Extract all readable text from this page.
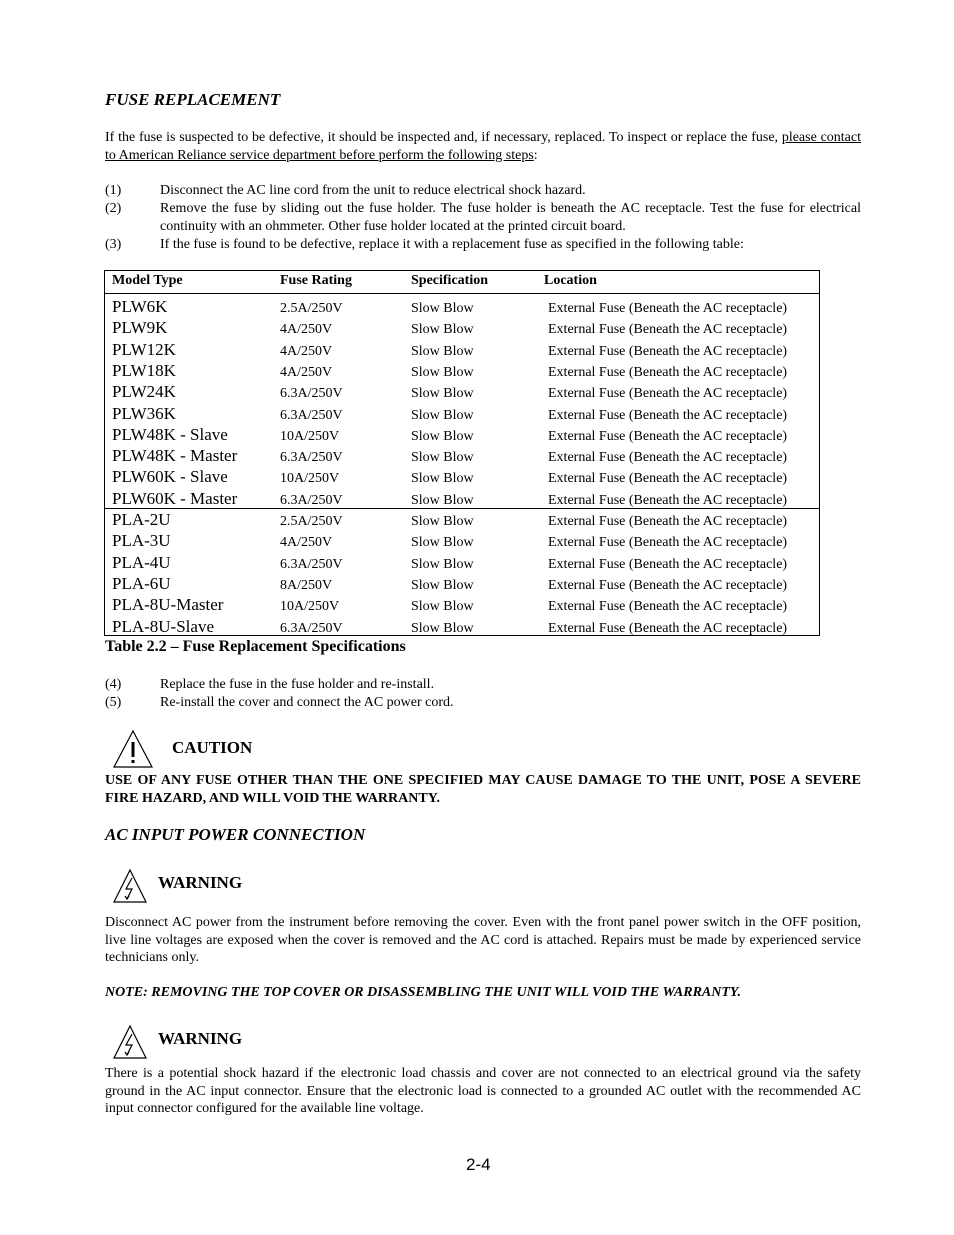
FUSE REPLACEMENT
If the fuse is suspected to be defective, it should be inspected and, if necessary, replaced. To inspect or replace the fuse, please contact to American Reliance service department before perform the following steps:
(1)	Disconnect the AC line cord from the unit to reduce electrical shock hazard.
(2)	Remove the fuse by sliding out the fuse holder. The fuse holder is beneath the AC receptacle. Test the fuse for electrical continuity with an ohmmeter. Other fuse holder located at the printed circuit board.
(3)	If the fuse is found to be defective, replace it with a replacement fuse as specified in the following table:
Model Type	Fuse Rating	Specification	Location
PLW6K	2.5A/250V	Slow Blow	External Fuse (Beneath the AC receptacle)
PLW9K	4A/250V	Slow Blow	External Fuse (Beneath the AC receptacle)
PLW12K	4A/250V	Slow Blow	External Fuse (Beneath the AC receptacle)
PLW18K	4A/250V	Slow Blow	External Fuse (Beneath the AC receptacle)
PLW24K	6.3A/250V	Slow Blow	External Fuse (Beneath the AC receptacle)
PLW36K	6.3A/250V	Slow Blow	External Fuse (Beneath the AC receptacle)
PLW48K - Slave	10A/250V	Slow Blow	External Fuse (Beneath the AC receptacle)
PLW48K - Master	6.3A/250V	Slow Blow	External Fuse (Beneath the AC receptacle)
PLW60K - Slave	10A/250V	Slow Blow	External Fuse (Beneath the AC receptacle)
PLW60K - Master	6.3A/250V	Slow Blow	External Fuse (Beneath the AC receptacle)
PLA-2U	2.5A/250V	Slow Blow	External Fuse (Beneath the AC receptacle)
PLA-3U	4A/250V	Slow Blow	External Fuse (Beneath the AC receptacle)
PLA-4U	6.3A/250V	Slow Blow	External Fuse (Beneath the AC receptacle)
PLA-6U	8A/250V	Slow Blow	External Fuse (Beneath the AC receptacle)
PLA-8U-Master	10A/250V	Slow Blow	External Fuse (Beneath the AC receptacle)
PLA-8U-Slave	6.3A/250V	Slow Blow	External Fuse (Beneath the AC receptacle)
Table 2.2 – Fuse Replacement Specifications
(4)	Replace the fuse in the fuse holder and re-install.
(5)	Re-install the cover and connect the AC power cord.
CAUTION
USE OF ANY FUSE OTHER THAN THE ONE SPECIFIED MAY CAUSE DAMAGE TO THE UNIT, POSE A SEVERE FIRE HAZARD, AND WILL VOID THE WARRANTY.
AC INPUT POWER CONNECTION
WARNING
Disconnect AC power from the instrument before removing the cover. Even with the front panel power switch in the OFF position, live line voltages are exposed when the cover is removed and the AC cord is attached. Repairs must be made by experienced service technicians only.
NOTE: REMOVING THE TOP COVER OR DISASSEMBLING THE UNIT WILL VOID THE WARRANTY.
WARNING
There is a potential shock hazard if the electronic load chassis and cover are not connected to an electrical ground via the safety ground in the AC input connector. Ensure that the electronic load is connected to a grounded AC outlet with the recommended AC input connector configured for the available line voltage.
2-4
